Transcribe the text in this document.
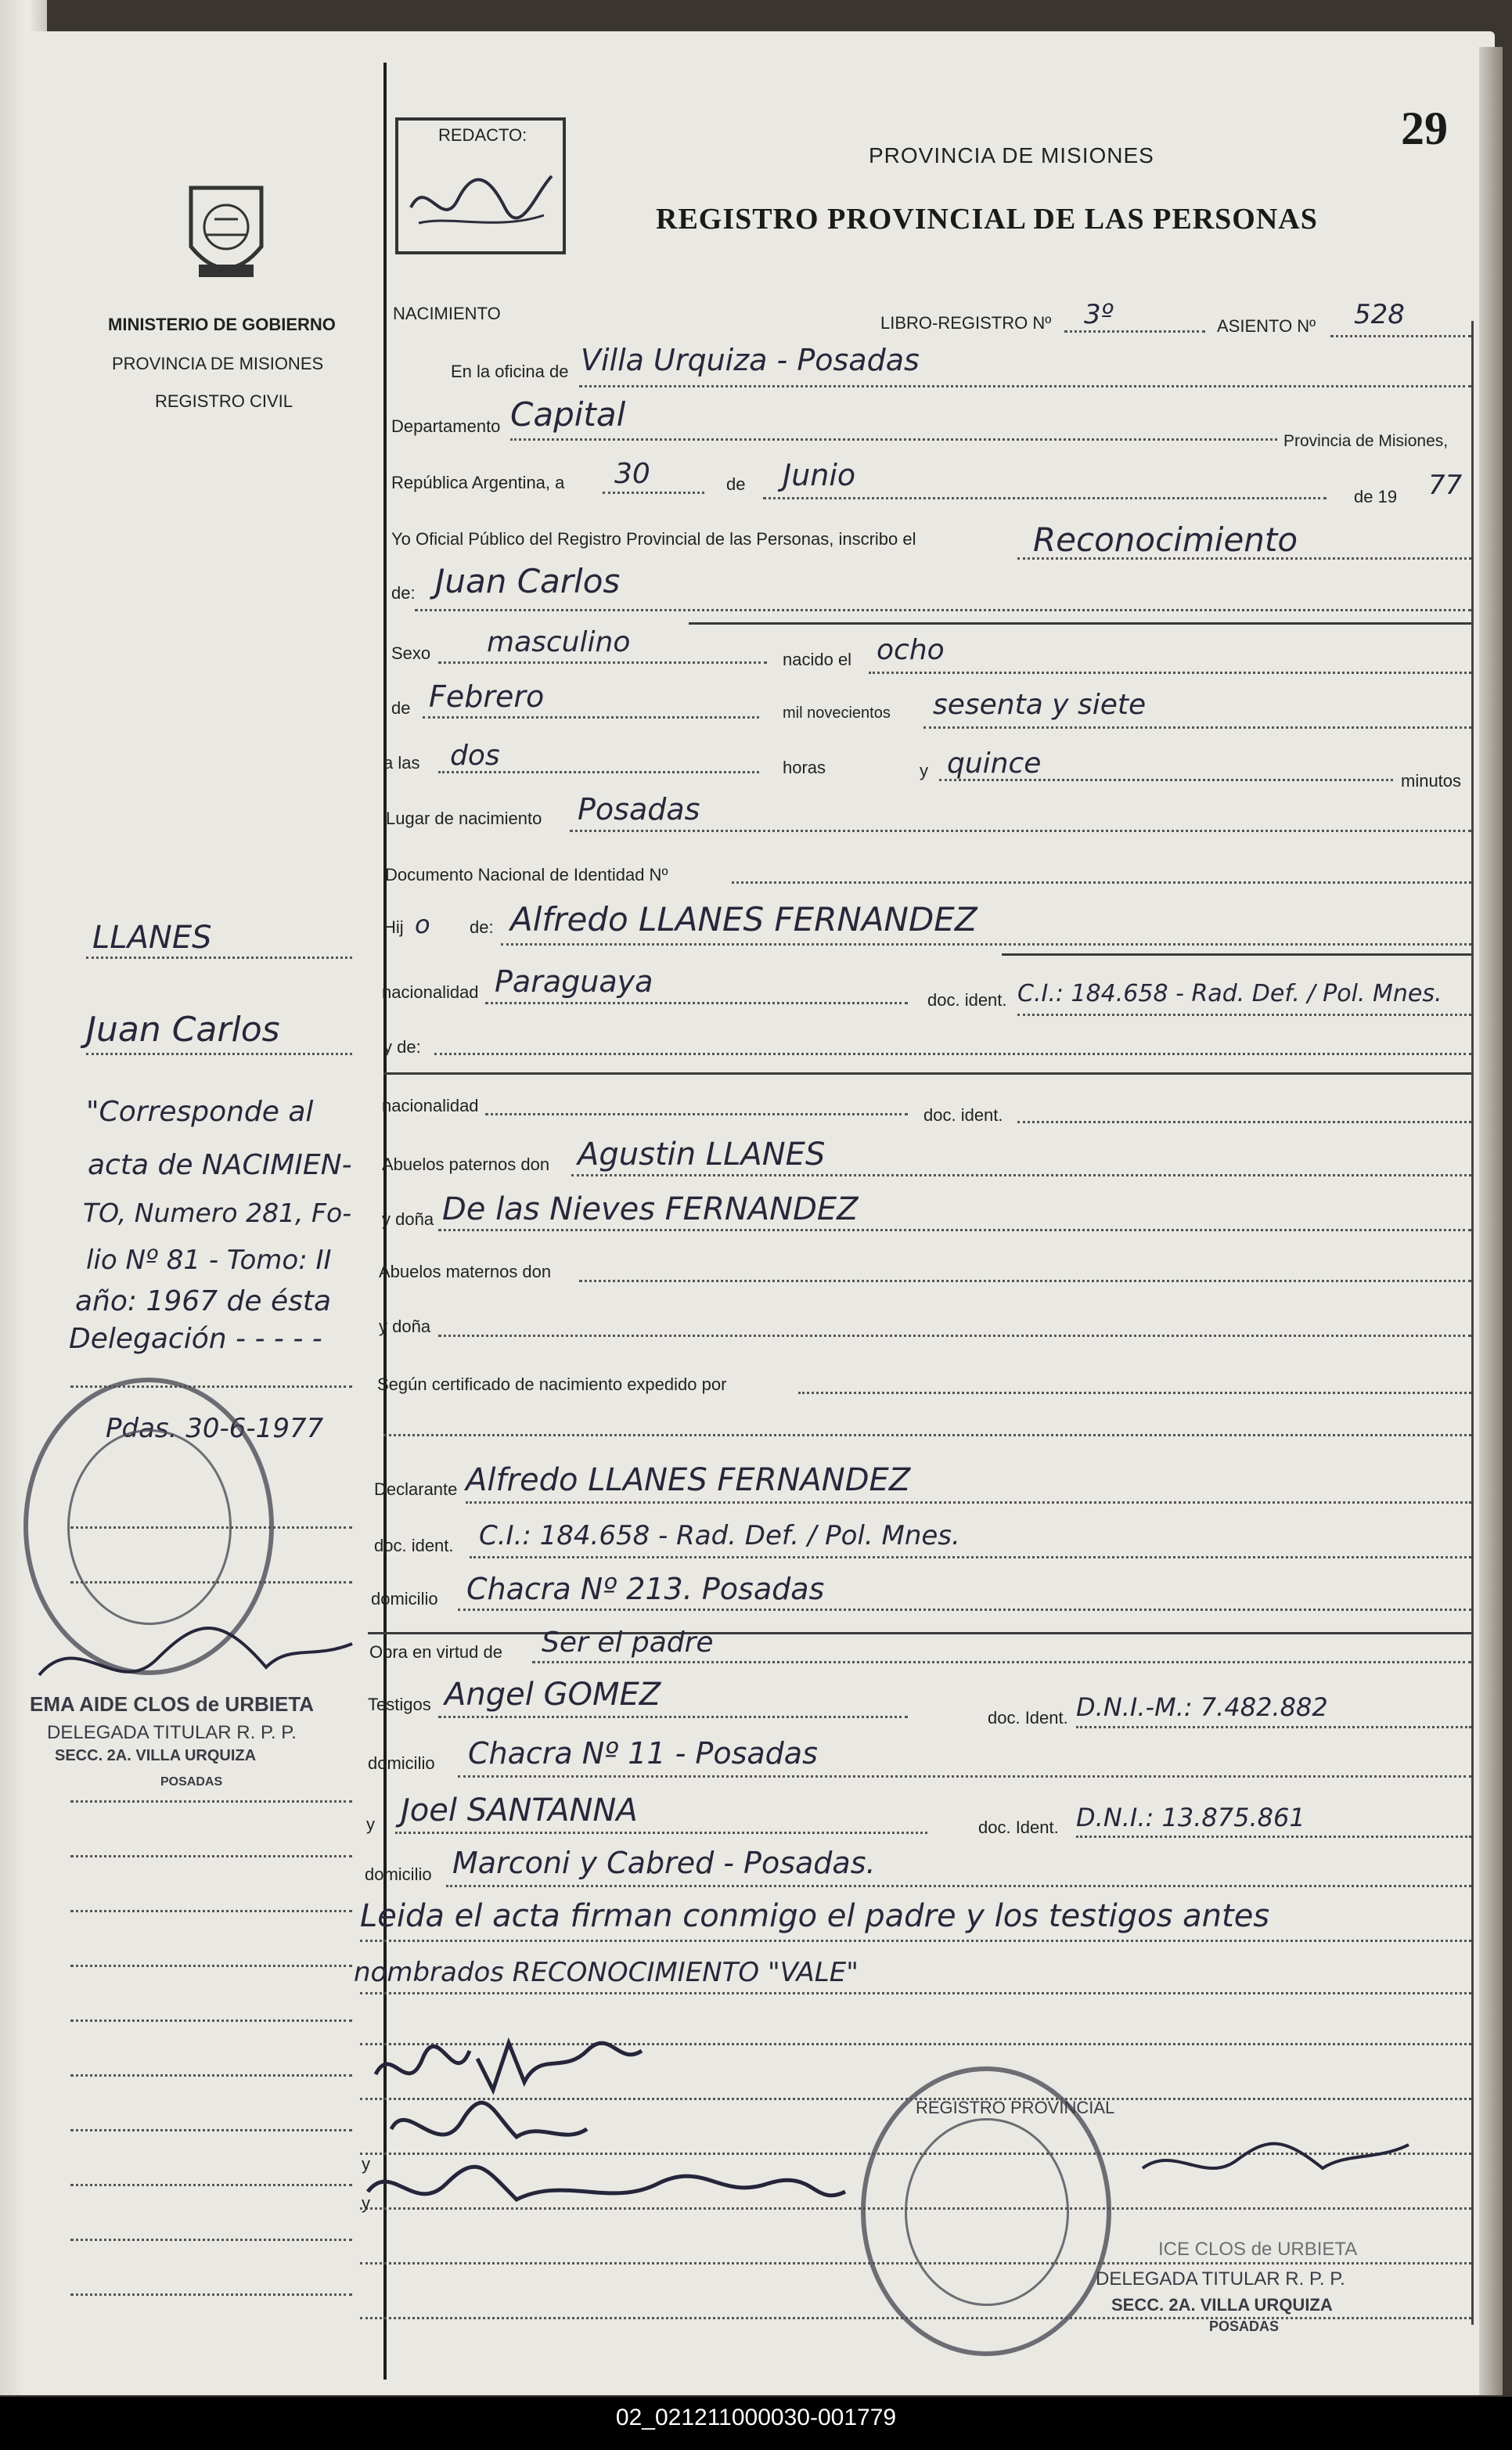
29
REDACTO:
PROVINCIA DE MISIONES
REGISTRO PROVINCIAL DE LAS PERSONAS
MINISTERIO DE GOBIERNO
PROVINCIA DE MISIONES
REGISTRO CIVIL
NACIMIENTO	LIBRO-REGISTRO Nº 3º	ASIENTO Nº 528
En la oficina de Villa Urquiza - Posadas
Departamento Capital
Provincia de Misiones,
República Argentina, a 30	de Junio
de 19 77
Yo Oficial Público del Registro Provincial de las Personas, inscribo el	Reconocimiento
de: Juan Carlos
Sexo masculino
nacido el ocho
de Febrero	mil novecientos sesenta y siete
a las dos	horas	y quince
minutos
Lugar de nacimiento Posadas
Documento Nacional de Identidad Nº
Hij o de: Alfredo LLANES FERNANDEZ
nacionalidad Paraguaya
doc. ident. C.I.: 184.658 - Rad. Def. / Pol. Mnes.
y de:
nacionalidad	doc. ident.
Abuelos paternos don Agustin LLANES
y doña De las Nieves FERNANDEZ
Abuelos maternos don
y doña
Según certificado de nacimiento expedido por
Declarante Alfredo LLANES FERNANDEZ
doc. ident. C.I.: 184.658 - Rad. Def. / Pol. Mnes.
domicilio Chacra Nº 213. Posadas
Obra en virtud de Ser el padre
Testigos Angel GOMEZ
doc. Ident. D.N.I.-M.: 7.482.882
domicilio Chacra Nº 11 - Posadas
y Joel SANTANNA	doc. Ident. D.N.I.: 13.875.861
domicilio Marconi y Cabred - Posadas.
Leida el acta firman conmigo el padre y los testigos antes
nombrados RECONOCIMIENTO "VALE"
y
y
LLANES
Juan Carlos
"Corresponde al
acta de NACIMIEN-
TO, Numero 281, Fo-
lio Nº 81 - Tomo: II
año: 1967 de ésta
Delegación - - - - -
Pdas. 30-6-1977
EMA AIDE CLOS de URBIETA
DELEGADA TITULAR R. P. P.
SECC. 2A. VILLA URQUIZA
POSADAS
REGISTRO PROVINCIAL
ICE CLOS de URBIETA
DELEGADA TITULAR R. P. P.
SECC. 2A. VILLA URQUIZA
POSADAS
02_021211000030-001779
